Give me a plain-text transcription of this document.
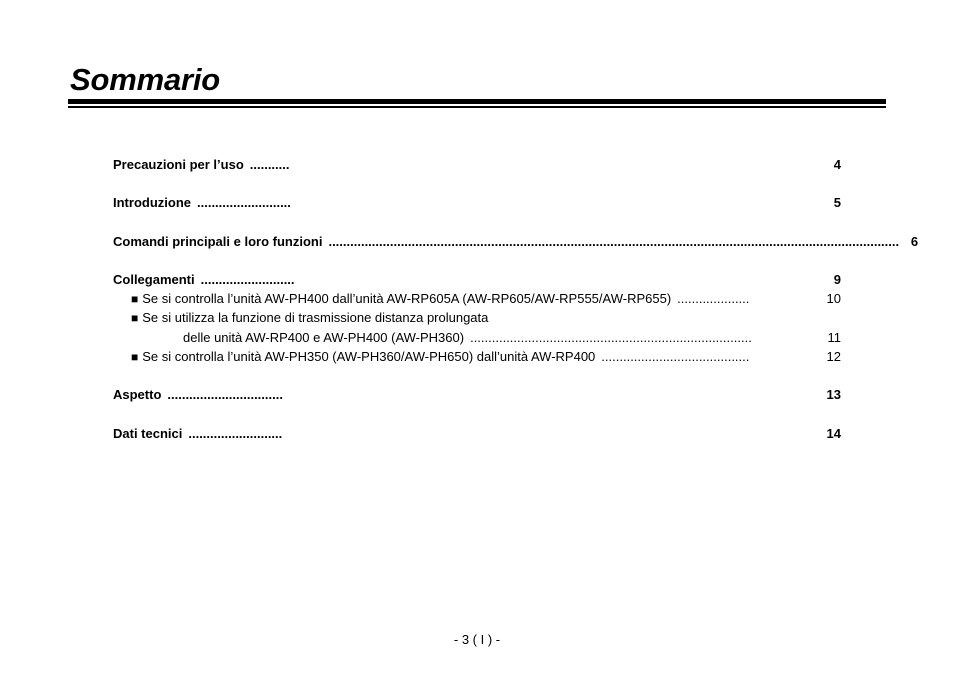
Sommario
Precauzioni per l’uso ...........	4
Introduzione ..........................	5
Comandi principali e loro funzioni .............................................................................................................................................................. 6
Collegamenti ..........................	9
■ Se si controlla l’unità AW-PH400 dall’unità AW-RP605A (AW-RP605/AW-RP555/AW-RP655) ....................	10
■ Se si utilizza la funzione di trasmissione distanza prolungata
delle unità AW-RP400 e AW-PH400 (AW-PH360) ..............................................................................	11
■ Se si controlla l’unità AW-PH350 (AW-PH360/AW-PH650) dall’unità AW-RP400 .........................................	12
Aspetto ................................	13
Dati tecnici ..........................	14
- 3 ( I ) -
